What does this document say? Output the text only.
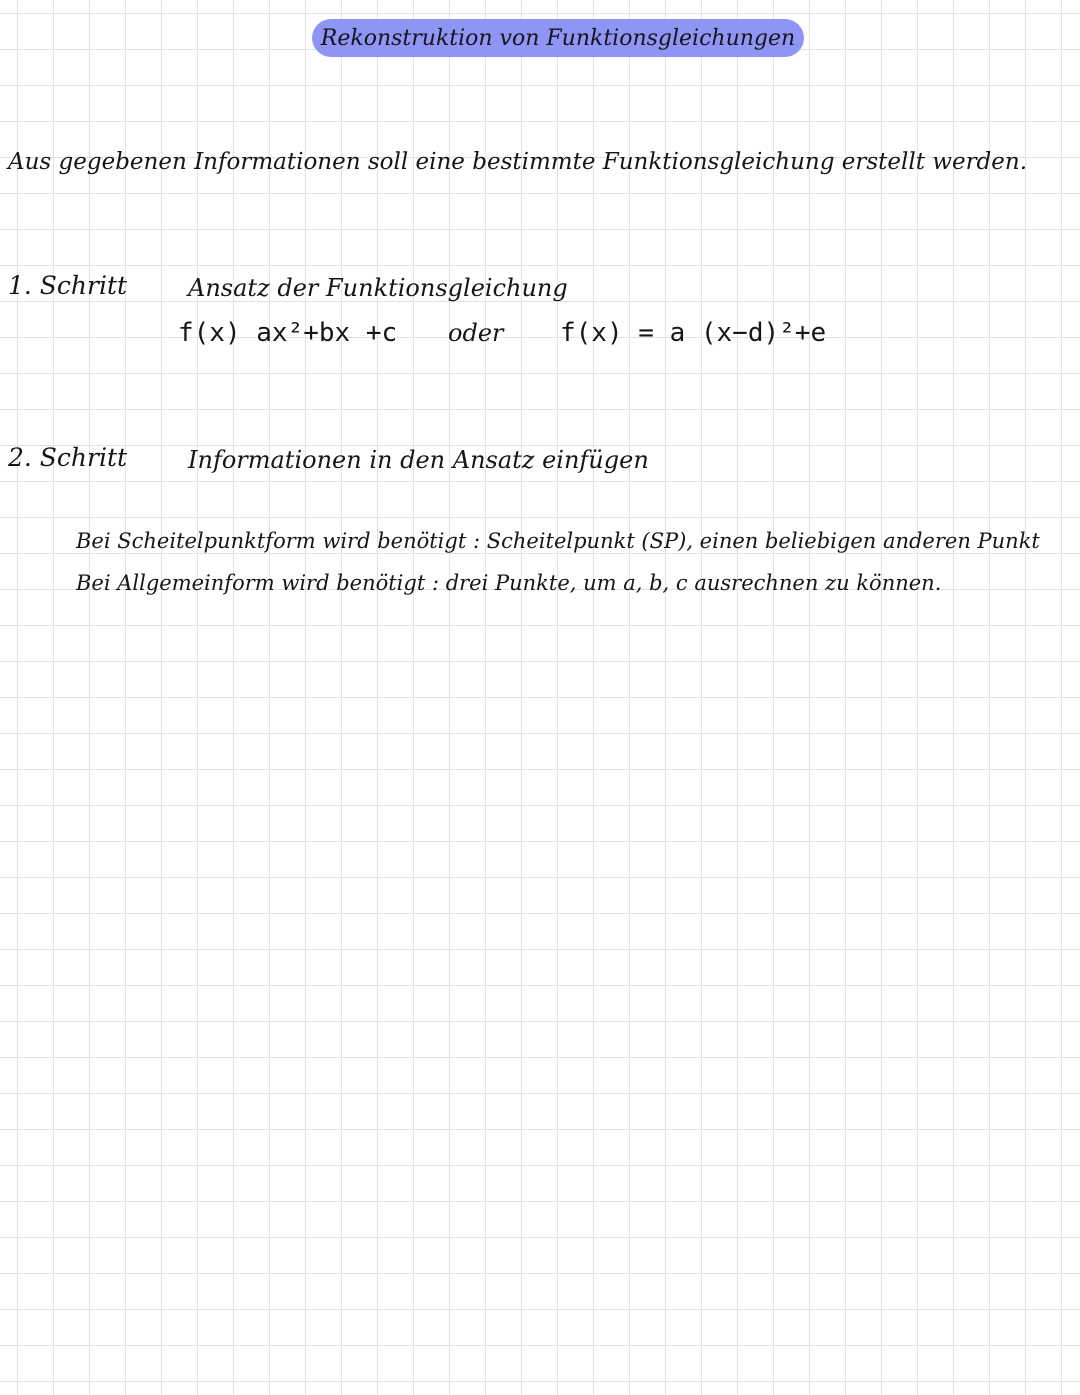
Rekonstruktion von Funktionsgleichungen

Aus gegebenen Informationen soll eine bestimmte Funktionsgleichung erstellt werden.

1. Schritt	Ansatz der Funktionsgleichung

f(x) ax²+bx +c	oder	f(x) = a (x−d)²+e

2. Schritt	Informationen in den Ansatz einfügen

Bei Scheitelpunktform wird benötigt : Scheitelpunkt (SP), einen beliebigen anderen Punkt

Bei Allgemeinform wird benötigt : drei Punkte, um a, b, c ausrechnen zu können.
